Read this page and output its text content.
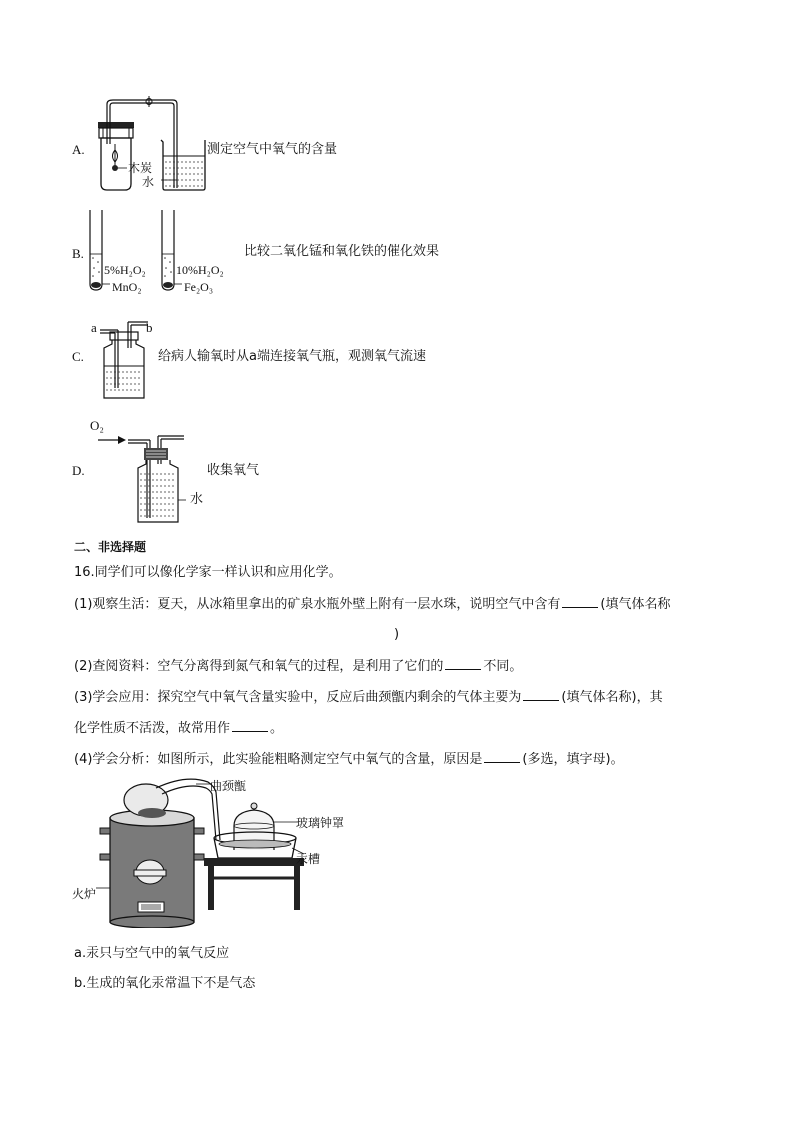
A.
木炭
水
测定空气中氧气的含量
B.
5%H₂O₂
MnO₂
10%H₂O₂
Fe₂O₃
比较二氧化锰和氧化铁的催化效果
a	b
C.	给病人输氧时从a端连接氧气瓶，观测氧气流速
O₂
D.
水
收集氧气
二、非选择题
16.同学们可以像化学家一样认识和应用化学。
(1)观察生活：夏天，从冰箱里拿出的矿泉水瓶外壁上附有一层水珠，说明空气中含有	(填气体名称
)
(2)查阅资料：空气分离得到氮气和氧气的过程，是利用了它们的	不同。
(3)学会应用：探究空气中氧气含量实验中，反应后曲颈甑内剩余的气体主要为	(填气体名称)，其
化学性质不活泼，故常用作	。
(4)学会分析：如图所示，此实验能粗略测定空气中氧气的含量，原因是	(多选，填字母)。
曲颈甑
玻璃钟罩
汞槽
火炉
a.汞只与空气中的氧气反应
b.生成的氧化汞常温下不是气态
